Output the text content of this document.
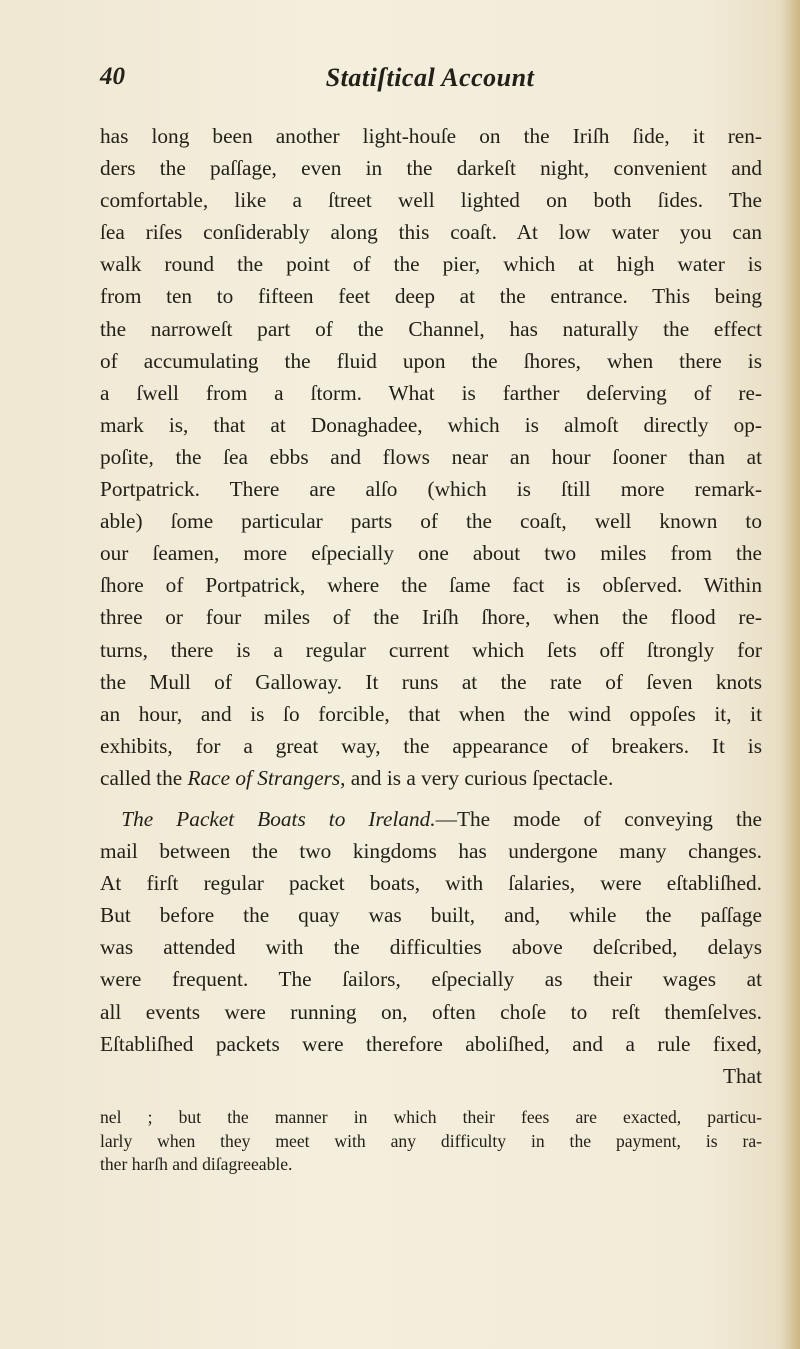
40	Statiſtical Account
has long been another light-houſe on the Iriſh ſide, it ren-
ders the paſſage, even in the darkeſt night, convenient and
comfortable, like a ſtreet well lighted on both ſides. The
ſea riſes conſiderably along this coaſt. At low water you can
walk round the point of the pier, which at high water is
from ten to fifteen feet deep at the entrance. This being
the narroweſt part of the Channel, has naturally the effect
of accumulating the fluid upon the ſhores, when there is
a ſwell from a ſtorm. What is farther deſerving of re-
mark is, that at Donaghadee, which is almoſt directly op-
poſite, the ſea ebbs and flows near an hour ſooner than at
Portpatrick. There are alſo (which is ſtill more remark-
able) ſome particular parts of the coaſt, well known to
our ſeamen, more eſpecially one about two miles from the
ſhore of Portpatrick, where the ſame fact is obſerved. Within
three or four miles of the Iriſh ſhore, when the flood re-
turns, there is a regular current which ſets off ſtrongly for
the Mull of Galloway. It runs at the rate of ſeven knots
an hour, and is ſo forcible, that when the wind oppoſes it, it
exhibits, for a great way, the appearance of breakers. It is
called the Race of Strangers, and is a very curious ſpectacle.
 The Packet Boats to Ireland.—The mode of conveying the
mail between the two kingdoms has undergone many changes.
At firſt regular packet boats, with ſalaries, were eſtabliſhed.
But before the quay was built, and, while the paſſage
was attended with the difficulties above deſcribed, delays
were frequent. The ſailors, eſpecially as their wages at
all events were running on, often choſe to reſt themſelves.
Eſtabliſhed packets were therefore aboliſhed, and a rule fixed,
That
nel ; but the manner in which their fees are exacted, particu-
larly when they meet with any difficulty in the payment, is ra-
ther harſh and diſagreeable.
